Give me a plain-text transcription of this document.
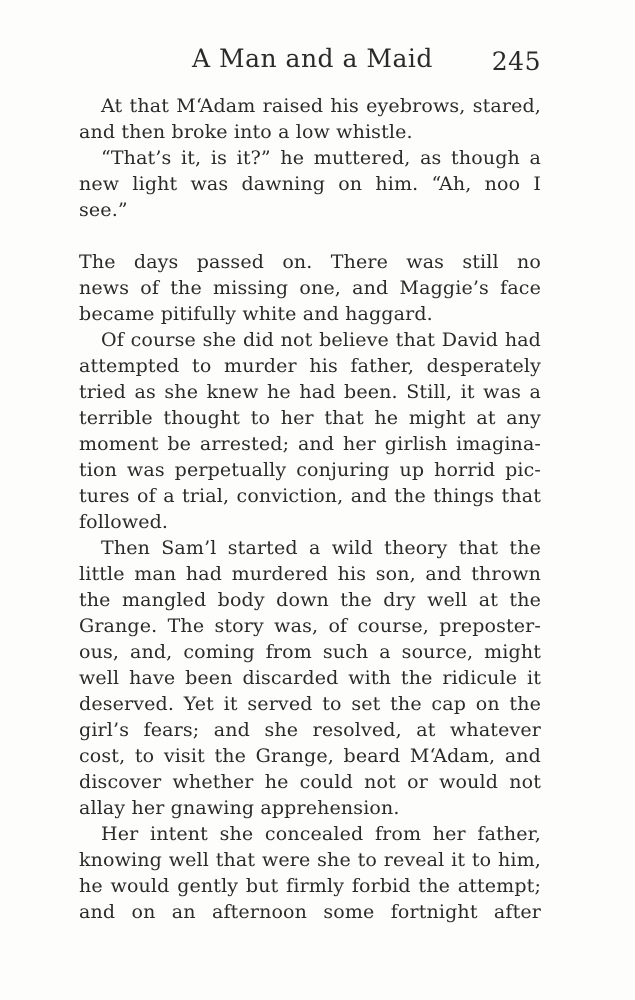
A Man and a Maid 245
At that M‘Adam raised his eyebrows, stared,
and then broke into a low whistle.
“That’s it, is it?” he muttered, as though a
new light was dawning on him. “Ah, noo I
see.”
The days passed on. There was still no
news of the missing one, and Maggie’s face
became pitifully white and haggard.
Of course she did not believe that David had
attempted to murder his father, desperately
tried as she knew he had been. Still, it was a
terrible thought to her that he might at any
moment be arrested; and her girlish imagina-
tion was perpetually conjuring up horrid pic-
tures of a trial, conviction, and the things that
followed.
Then Sam’l started a wild theory that the
little man had murdered his son, and thrown
the mangled body down the dry well at the
Grange. The story was, of course, preposter-
ous, and, coming from such a source, might
well have been discarded with the ridicule it
deserved. Yet it served to set the cap on the
girl’s fears; and she resolved, at whatever
cost, to visit the Grange, beard M‘Adam, and
discover whether he could not or would not
allay her gnawing apprehension.
Her intent she concealed from her father,
knowing well that were she to reveal it to him,
he would gently but firmly forbid the attempt;
and on an afternoon some fortnight after
